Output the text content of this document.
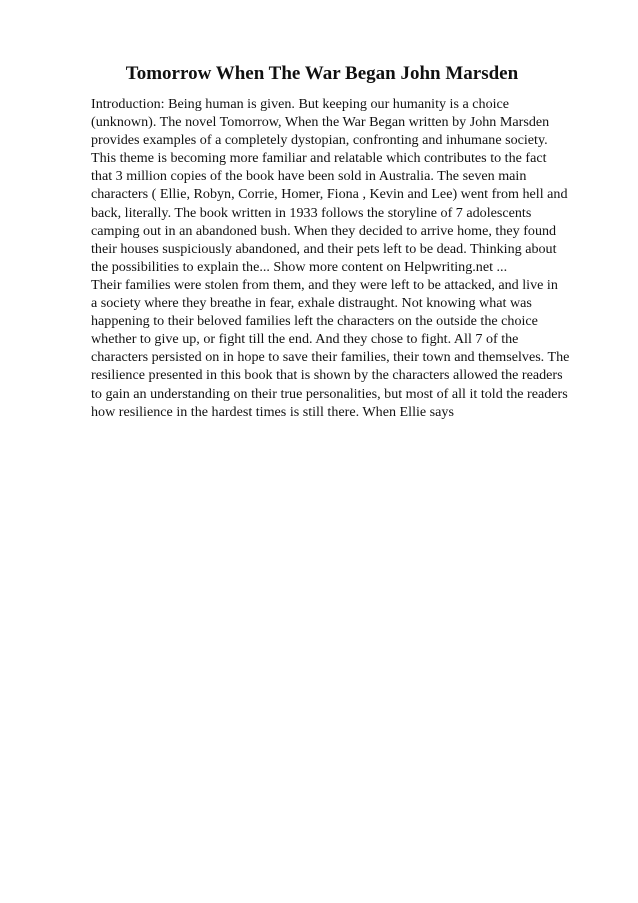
Tomorrow When The War Began John Marsden
Introduction: Being human is given. But keeping our humanity is a choice
(unknown). The novel Tomorrow, When the War Began written by John Marsden
provides examples of a completely dystopian, confronting and inhumane society.
This theme is becoming more familiar and relatable which contributes to the fact
that 3 million copies of the book have been sold in Australia. The seven main
characters ( Ellie, Robyn, Corrie, Homer, Fiona , Kevin and Lee) went from hell and
back, literally. The book written in 1933 follows the storyline of 7 adolescents
camping out in an abandoned bush. When they decided to arrive home, they found
their houses suspiciously abandoned, and their pets left to be dead. Thinking about
the possibilities to explain the... Show more content on Helpwriting.net ...
Their families were stolen from them, and they were left to be attacked, and live in
a society where they breathe in fear, exhale distraught. Not knowing what was
happening to their beloved families left the characters on the outside the choice
whether to give up, or fight till the end. And they chose to fight. All 7 of the
characters persisted on in hope to save their families, their town and themselves. The
resilience presented in this book that is shown by the characters allowed the readers
to gain an understanding on their true personalities, but most of all it told the readers
how resilience in the hardest times is still there. When Ellie says
